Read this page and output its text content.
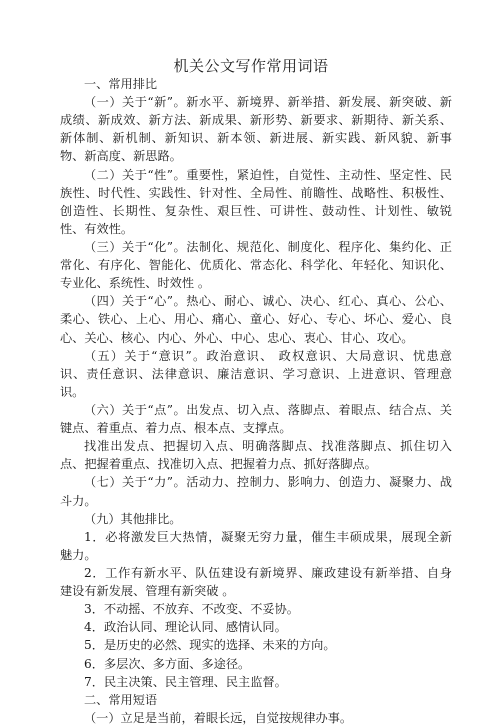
机关公文写作常用词语
一、常用排比
（一）关于“新”。新水平、新境界、新举措、新发展、新突破、新
成绩、新成效、新方法、新成果、新形势、新要求、新期待、新关系、
新体制、新机制、新知识、新本领、新进展、新实践、新风貌、新事
物、新高度、新思路。
（二）关于“性”。重要性，紧迫性，自觉性、主动性、坚定性、民
族性、时代性、实践性、针对性、全局性、前瞻性、战略性、积极性、
创造性、长期性、复杂性、艰巨性、可讲性、鼓动性、计划性、敏锐
性、有效性。
（三）关于“化”。法制化、规范化、制度化、程序化、集约化、正
常化、有序化、智能化、优质化、常态化、科学化、年轻化、知识化、
专业化、系统性、时效性 。
（四）关于“心”。热心、耐心、诚心、决心、红心、真心、公心、
柔心、铁心、上心、用心、痛心、童心、好心、专心、坏心、爱心、良
心、关心、核心、内心、外心、中心、忠心、衷心、甘心、攻心。
（五）关于“意识”。政治意识、 政权意识、大局意识、忧患意
识、责任意识、法律意识、廉洁意识、学习意识、上进意识、管理意
识。
（六）关于“点”。出发点、切入点、落脚点、着眼点、结合点、关
键点、着重点、着力点、根本点、支撑点。
找准出发点、把握切入点、明确落脚点、找准落脚点、抓住切入
点、把握着重点、找准切入点、把握着力点、抓好落脚点。
（七）关于“力”。活动力、控制力、影响力、创造力、凝聚力、战
斗力。
（九）其他排比。
1．必将激发巨大热情，凝聚无穷力量，催生丰硕成果，展现全新
魅力。
2．工作有新水平、队伍建设有新境界、廉政建设有新举措、自身
建设有新发展、管理有新突破 。
3．不动摇、不放弃、不改变、不妥协。
4．政治认同、理论认同、感情认同。
5．是历史的必然、现实的选择、未来的方向。
6．多层次、多方面、多途径。
7．民主决策、民主管理、民主监督。
二、常用短语
（一）立足是当前，着眼长远，自觉按规律办事。
